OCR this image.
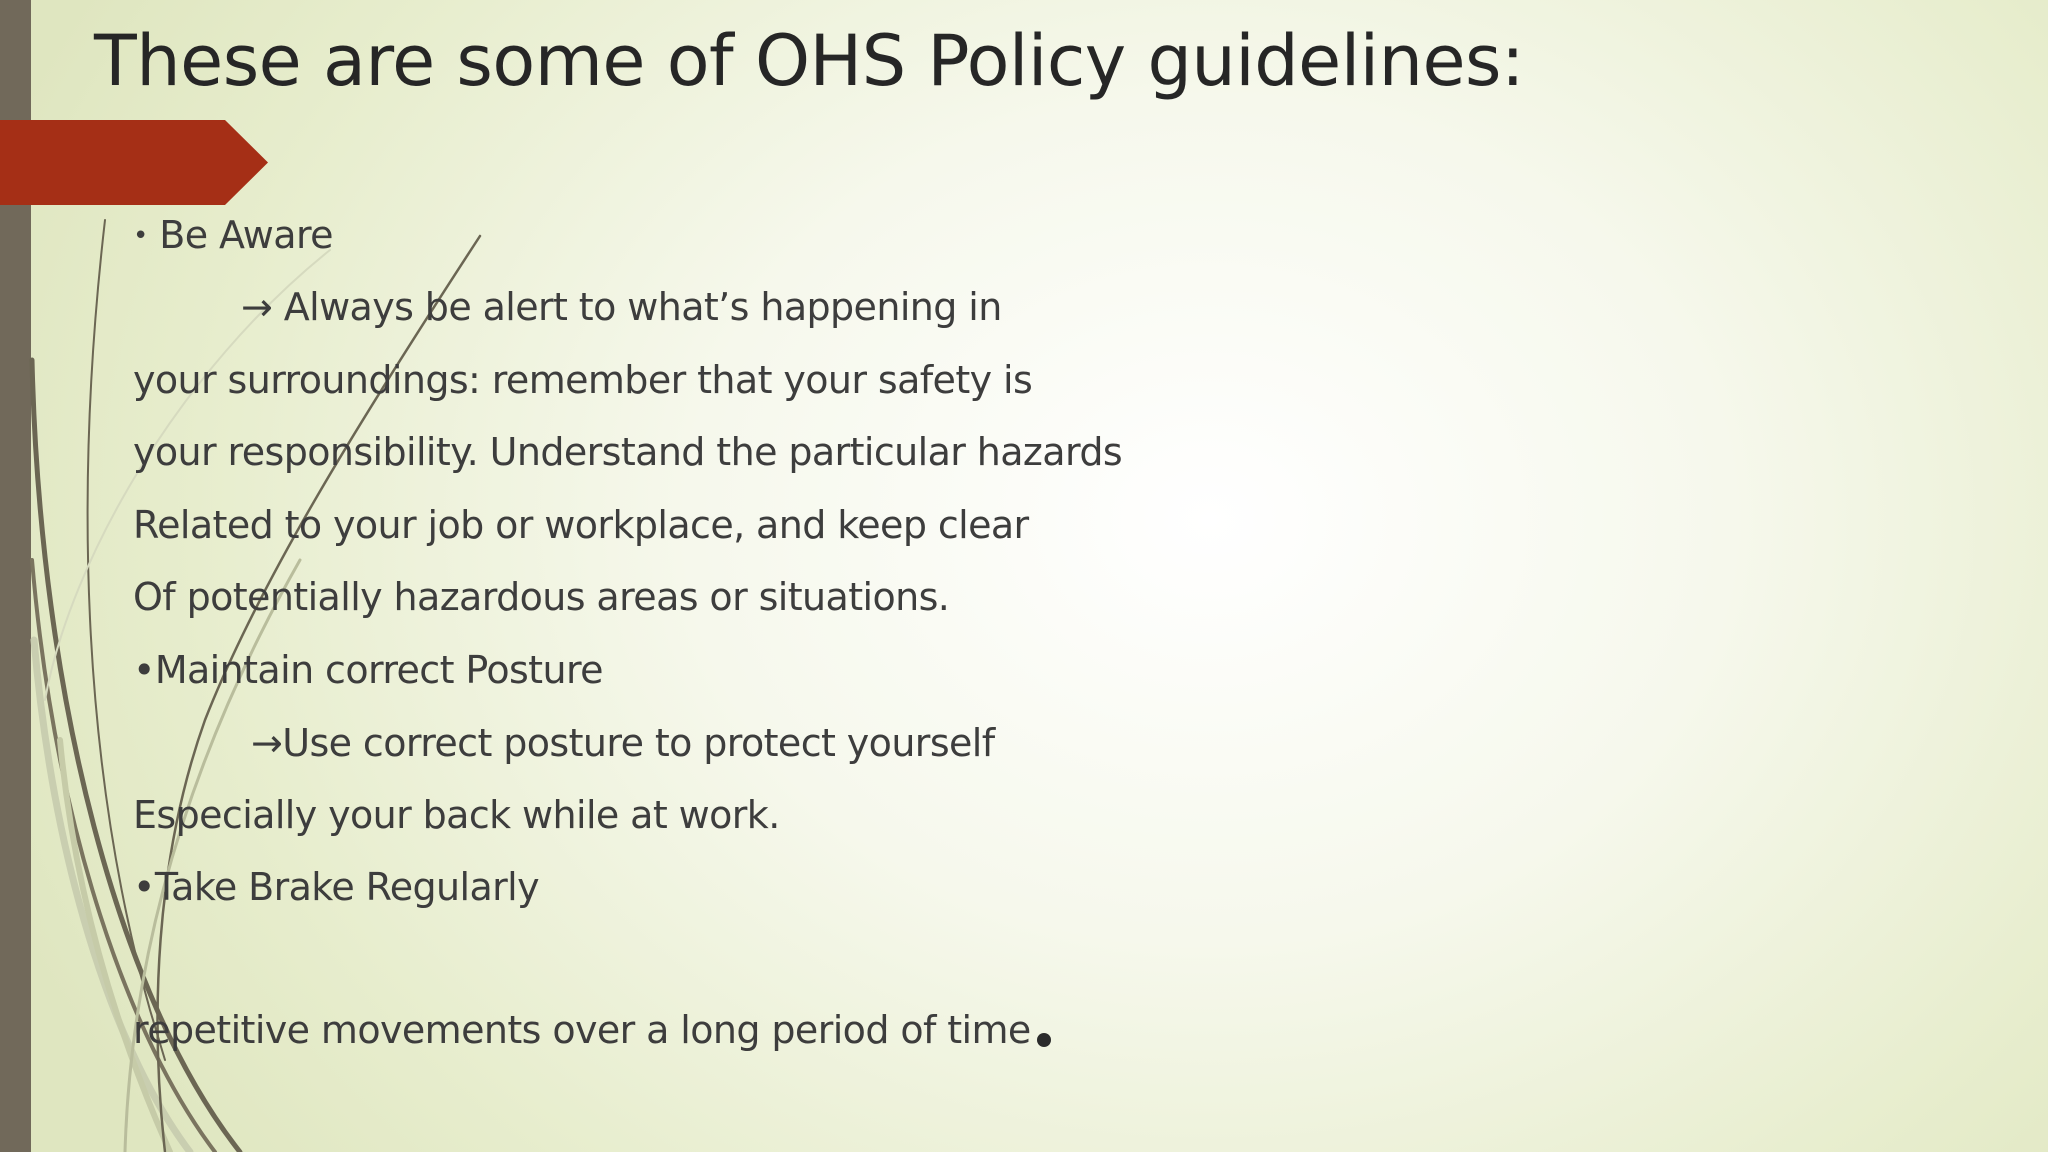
These are some of OHS Policy guidelines:
• Be Aware
→ Always be alert to what’s happening in
your surroundings: remember that your safety is
your responsibility. Understand the particular hazards
Related to your job or workplace, and keep clear
Of potentially hazardous areas or situations.
•Maintain correct Posture
→Use correct posture to protect yourself
Especially your back while at work.
•Take Brake Regularly
repetitive movements over a long period of time
